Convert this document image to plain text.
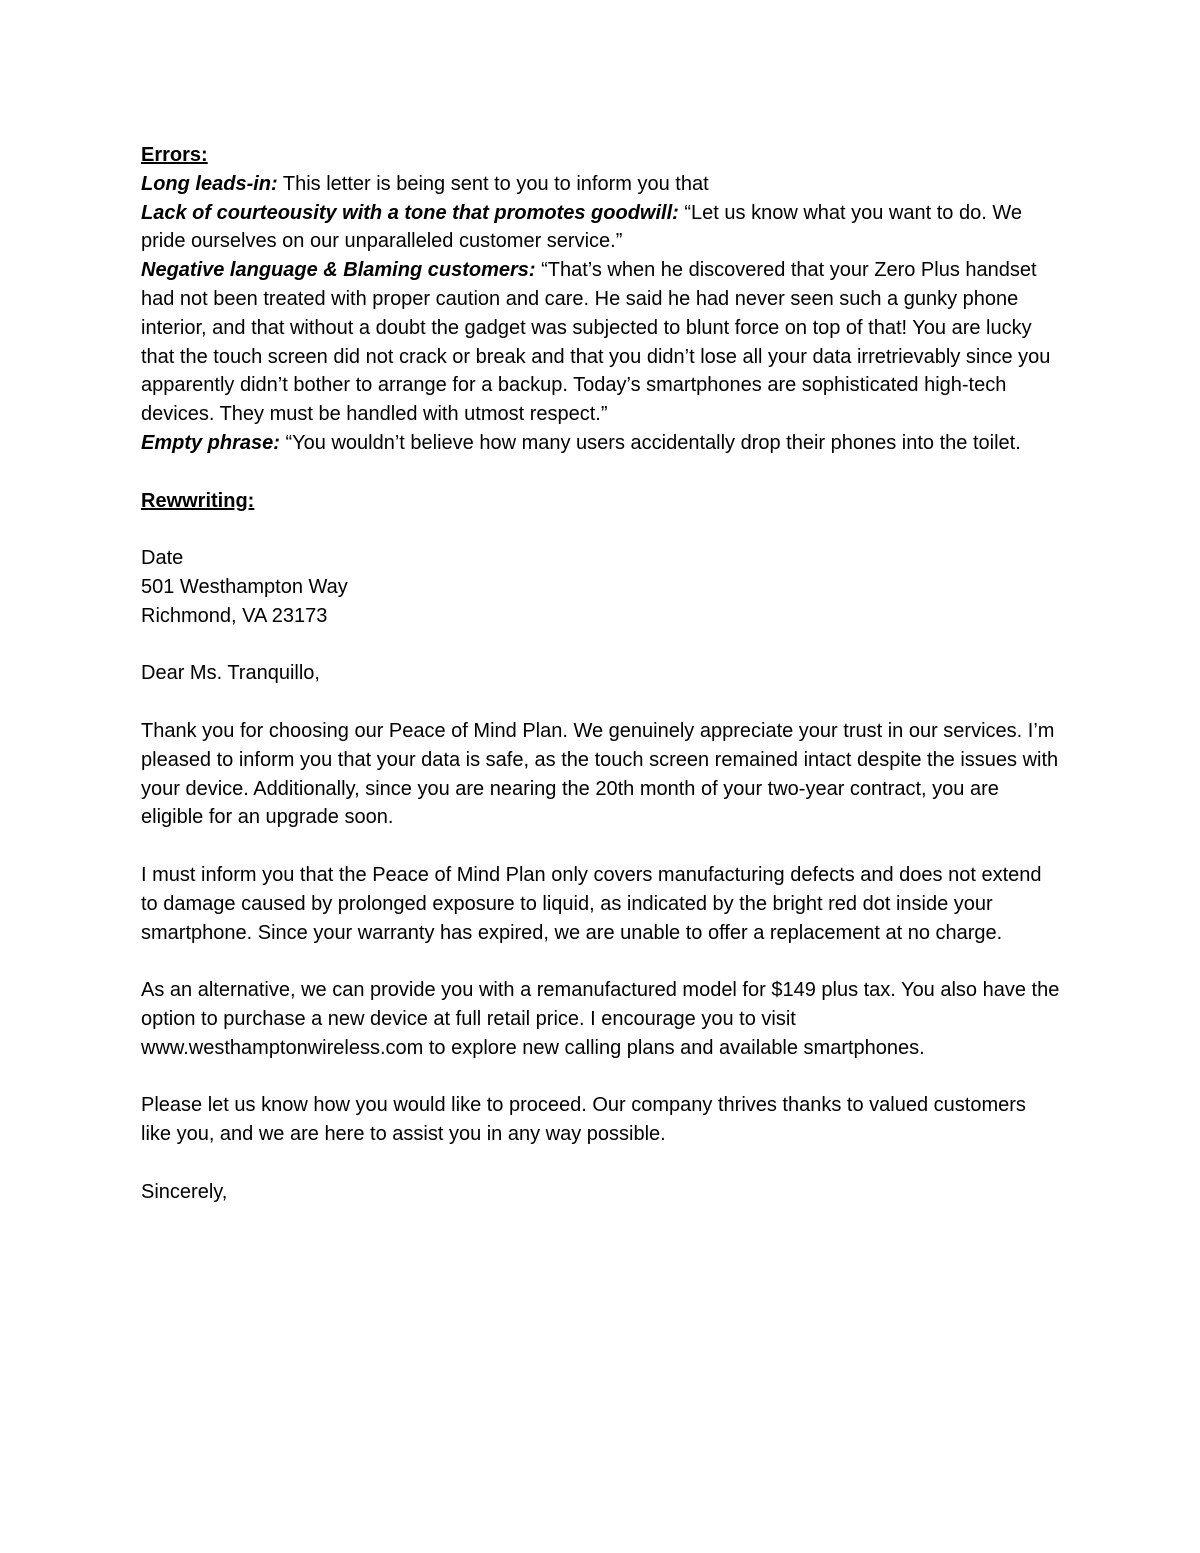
Errors:

Long leads-in: This letter is being sent to you to inform you that

Lack of courteousity with a tone that promotes goodwill: “Let us know what you want to do. We pride ourselves on our unparalleled customer service.”

Negative language & Blaming customers: “That’s when he discovered that your Zero Plus handset had not been treated with proper caution and care. He said he had never seen such a gunky phone interior, and that without a doubt the gadget was subjected to blunt force on top of that! You are lucky that the touch screen did not crack or break and that you didn’t lose all your data irretrievably since you apparently didn’t bother to arrange for a backup. Today’s smartphones are sophisticated high-tech devices. They must be handled with utmost respect.”

Empty phrase: “You wouldn’t believe how many users accidentally drop their phones into the toilet.

Rewwriting:

Date

501 Westhampton Way

Richmond, VA 23173

Dear Ms. Tranquillo,

Thank you for choosing our Peace of Mind Plan. We genuinely appreciate your trust in our services. I’m pleased to inform you that your data is safe, as the touch screen remained intact despite the issues with your device. Additionally, since you are nearing the 20th month of your two-year contract, you are eligible for an upgrade soon.

I must inform you that the Peace of Mind Plan only covers manufacturing defects and does not extend to damage caused by prolonged exposure to liquid, as indicated by the bright red dot inside your smartphone. Since your warranty has expired, we are unable to offer a replacement at no charge.

As an alternative, we can provide you with a remanufactured model for $149 plus tax. You also have the option to purchase a new device at full retail price. I encourage you to visit www.westhamptonwireless.com to explore new calling plans and available smartphones.

Please let us know how you would like to proceed. Our company thrives thanks to valued customers like you, and we are here to assist you in any way possible.

Sincerely,
